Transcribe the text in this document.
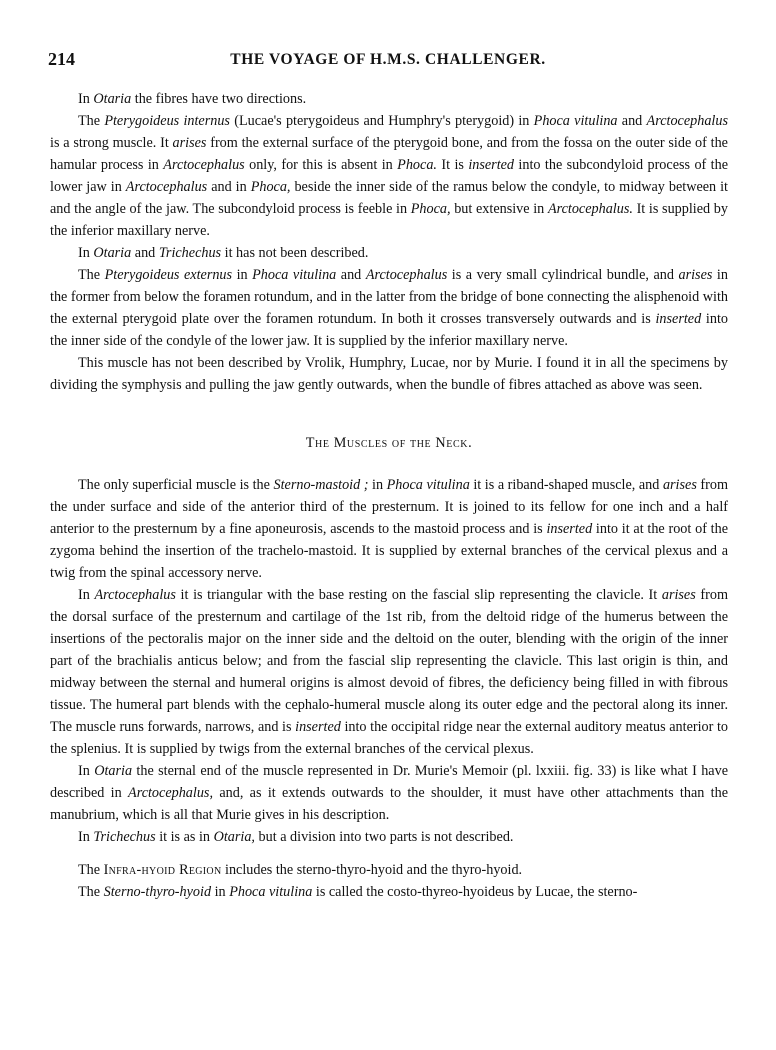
214	THE VOYAGE OF H.M.S. CHALLENGER.

In Otaria the fibres have two directions.

The Pterygoideus internus (Lucae's pterygoideus and Humphry's pterygoid) in Phoca vitulina and Arctocephalus is a strong muscle. It arises from the external surface of the pterygoid bone, and from the fossa on the outer side of the hamular process in Arctocephalus only, for this is absent in Phoca. It is inserted into the subcondyloid process of the lower jaw in Arctocephalus and in Phoca, beside the inner side of the ramus below the condyle, to midway between it and the angle of the jaw. The subcondyloid process is feeble in Phoca, but extensive in Arctocephalus. It is supplied by the inferior maxillary nerve.

In Otaria and Trichechus it has not been described.

The Pterygoideus externus in Phoca vitulina and Arctocephalus is a very small cylindrical bundle, and arises in the former from below the foramen rotundum, and in the latter from the bridge of bone connecting the alisphenoid with the external pterygoid plate over the foramen rotundum. In both it crosses transversely outwards and is inserted into the inner side of the condyle of the lower jaw. It is supplied by the inferior maxillary nerve.

This muscle has not been described by Vrolik, Humphry, Lucae, nor by Murie. I found it in all the specimens by dividing the symphysis and pulling the jaw gently outwards, when the bundle of fibres attached as above was seen.

The Muscles of the Neck.

The only superficial muscle is the Sterno-mastoid ; in Phoca vitulina it is a riband-shaped muscle, and arises from the under surface and side of the anterior third of the presternum. It is joined to its fellow for one inch and a half anterior to the presternum by a fine aponeurosis, ascends to the mastoid process and is inserted into it at the root of the zygoma behind the insertion of the trachelo-mastoid. It is supplied by external branches of the cervical plexus and a twig from the spinal accessory nerve.

In Arctocephalus it is triangular with the base resting on the fascial slip representing the clavicle. It arises from the dorsal surface of the presternum and cartilage of the 1st rib, from the deltoid ridge of the humerus between the insertions of the pectoralis major on the inner side and the deltoid on the outer, blending with the origin of the inner part of the brachialis anticus below; and from the fascial slip representing the clavicle. This last origin is thin, and midway between the sternal and humeral origins is almost devoid of fibres, the deficiency being filled in with fibrous tissue. The humeral part blends with the cephalo-humeral muscle along its outer edge and the pectoral along its inner. The muscle runs forwards, narrows, and is inserted into the occipital ridge near the external auditory meatus anterior to the splenius. It is supplied by twigs from the external branches of the cervical plexus.

In Otaria the sternal end of the muscle represented in Dr. Murie's Memoir (pl. lxxiii. fig. 33) is like what I have described in Arctocephalus, and, as it extends outwards to the shoulder, it must have other attachments than the manubrium, which is all that Murie gives in his description.

In Trichechus it is as in Otaria, but a division into two parts is not described.

The Infra-hyoid Region includes the sterno-thyro-hyoid and the thyro-hyoid.

The Sterno-thyro-hyoid in Phoca vitulina is called the costo-thyreo-hyoideus by Lucae, the sterno-
